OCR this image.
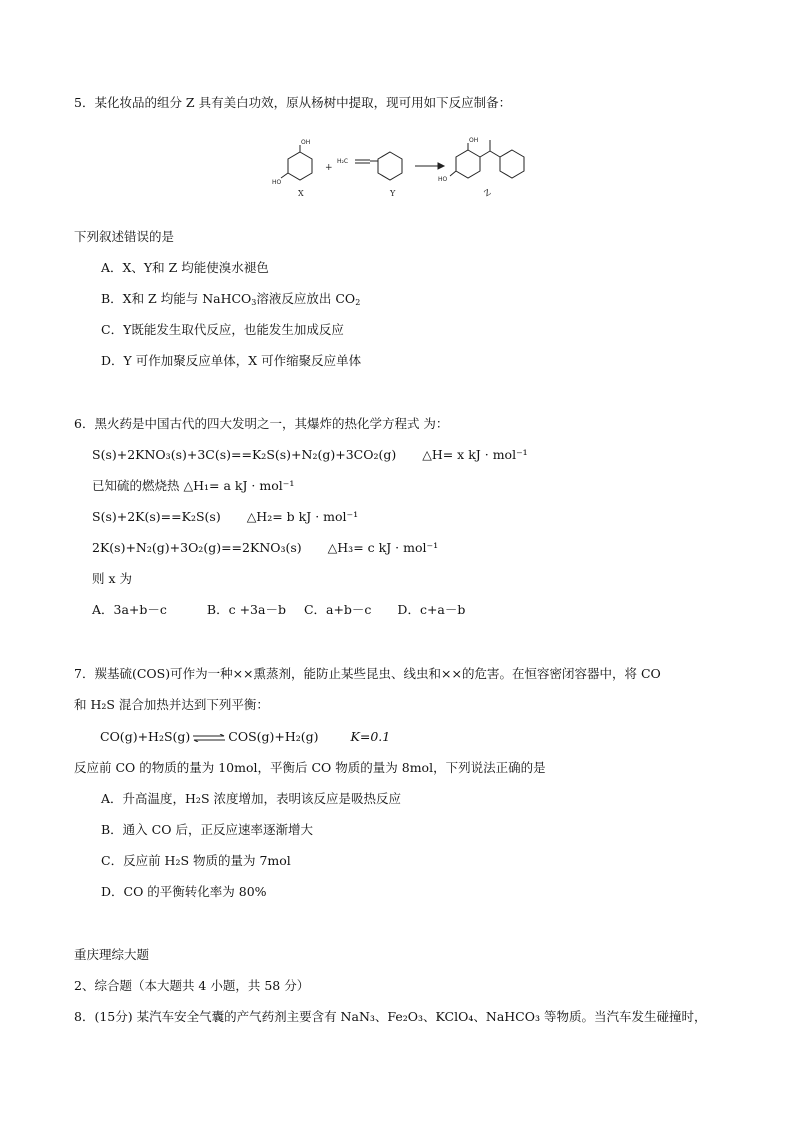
5．某化妆品的组分 Z 具有美白功效，原从杨树中提取，现可用如下反应制备：
OH
HO
X
+
H₂C
Y
OH
HO
Z
下列叙述错误的是
A．X、Y和 Z 均能使溴水褪色
B．X和 Z 均能与 NaHCO$_3$溶液反应放出 $CO_2$
C．Y既能发生取代反应，也能发生加成反应
D．Y 可作加聚反应单体，X 可作缩聚反应单体
6．黑火药是中国古代的四大发明之一，其爆炸的热化学方程式 为：
S(s)+2KNO₃(s)+3C(s)==K₂S(s)+N₂(g)+3CO₂(g) △H= x kJ · mol⁻¹
已知硫的燃烧热 △H₁= a kJ · mol⁻¹
S(s)+2K(s)==K₂S(s) △H₂= b kJ · mol⁻¹
2K(s)+N₂(g)+3O₂(g)==2KNO₃(s) △H₃= c kJ · mol⁻¹
则 x 为
A．3a+b－c	B．c +3a－b C．a+b－c D．c+a－b
7．羰基硫(COS)可作为一种××熏蒸剂，能防止某些昆虫、线虫和××的危害。在恒容密闭容器中，将 CO
和 H₂S 混合加热并达到下列平衡：
CO(g)+H₂S(g) ⇌ COS(g)+H₂(g)	K=0.1
反应前 CO 的物质的量为 10mol，平衡后 CO 物质的量为 8mol，下列说法正确的是
A．升高温度，H₂S 浓度增加，表明该反应是吸热反应
B．通入 CO 后，正反应速率逐渐增大
C．反应前 H₂S 物质的量为 7mol
D．CO 的平衡转化率为 80%
重庆理综大题
2、综合题（本大题共 4 小题，共 58 分）
8．(15分) 某汽车安全气囊的产气药剂主要含有 NaN₃、Fe₂O₃、KClO₄、NaHCO₃ 等物质。当汽车发生碰撞时，
